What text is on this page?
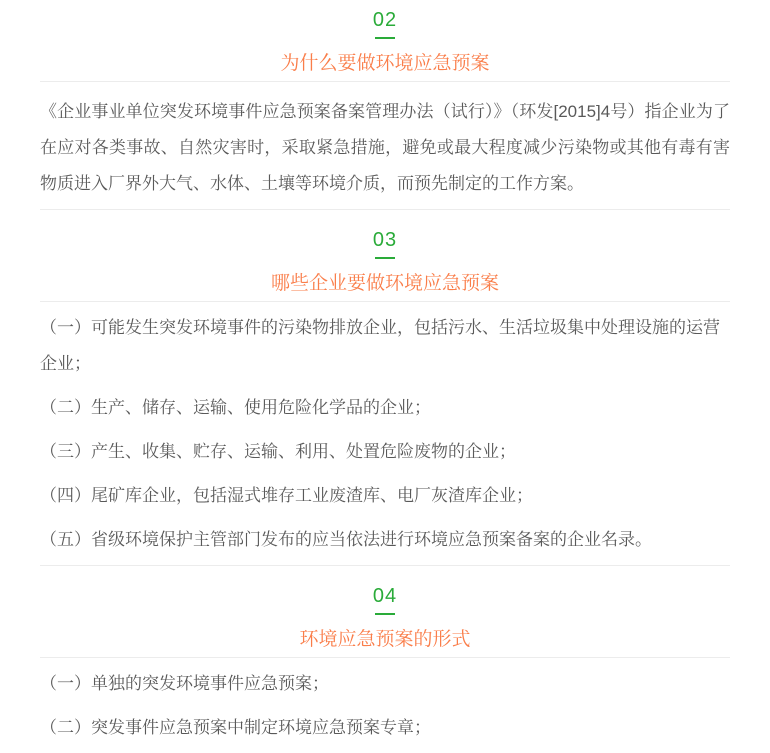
02
为什么要做环境应急预案

《企业事业单位突发环境事件应急预案备案管理办法（试行）》（环发[2015]4号）指企业为了在应对各类事故、自然灾害时，采取紧急措施，避免或最大程度减少污染物或其他有毒有害物质进入厂界外大气、水体、土壤等环境介质，而预先制定的工作方案。

03
哪些企业要做环境应急预案

（一）可能发生突发环境事件的污染物排放企业，包括污水、生活垃圾集中处理设施的运营企业；

（二）生产、储存、运输、使用危险化学品的企业；

（三）产生、收集、贮存、运输、利用、处置危险废物的企业；

（四）尾矿库企业，包括湿式堆存工业废渣库、电厂灰渣库企业；

（五）省级环境保护主管部门发布的应当依法进行环境应急预案备案的企业名录。

04
环境应急预案的形式

（一）单独的突发环境事件应急预案；

（二）突发事件应急预案中制定环境应急预案专章；
